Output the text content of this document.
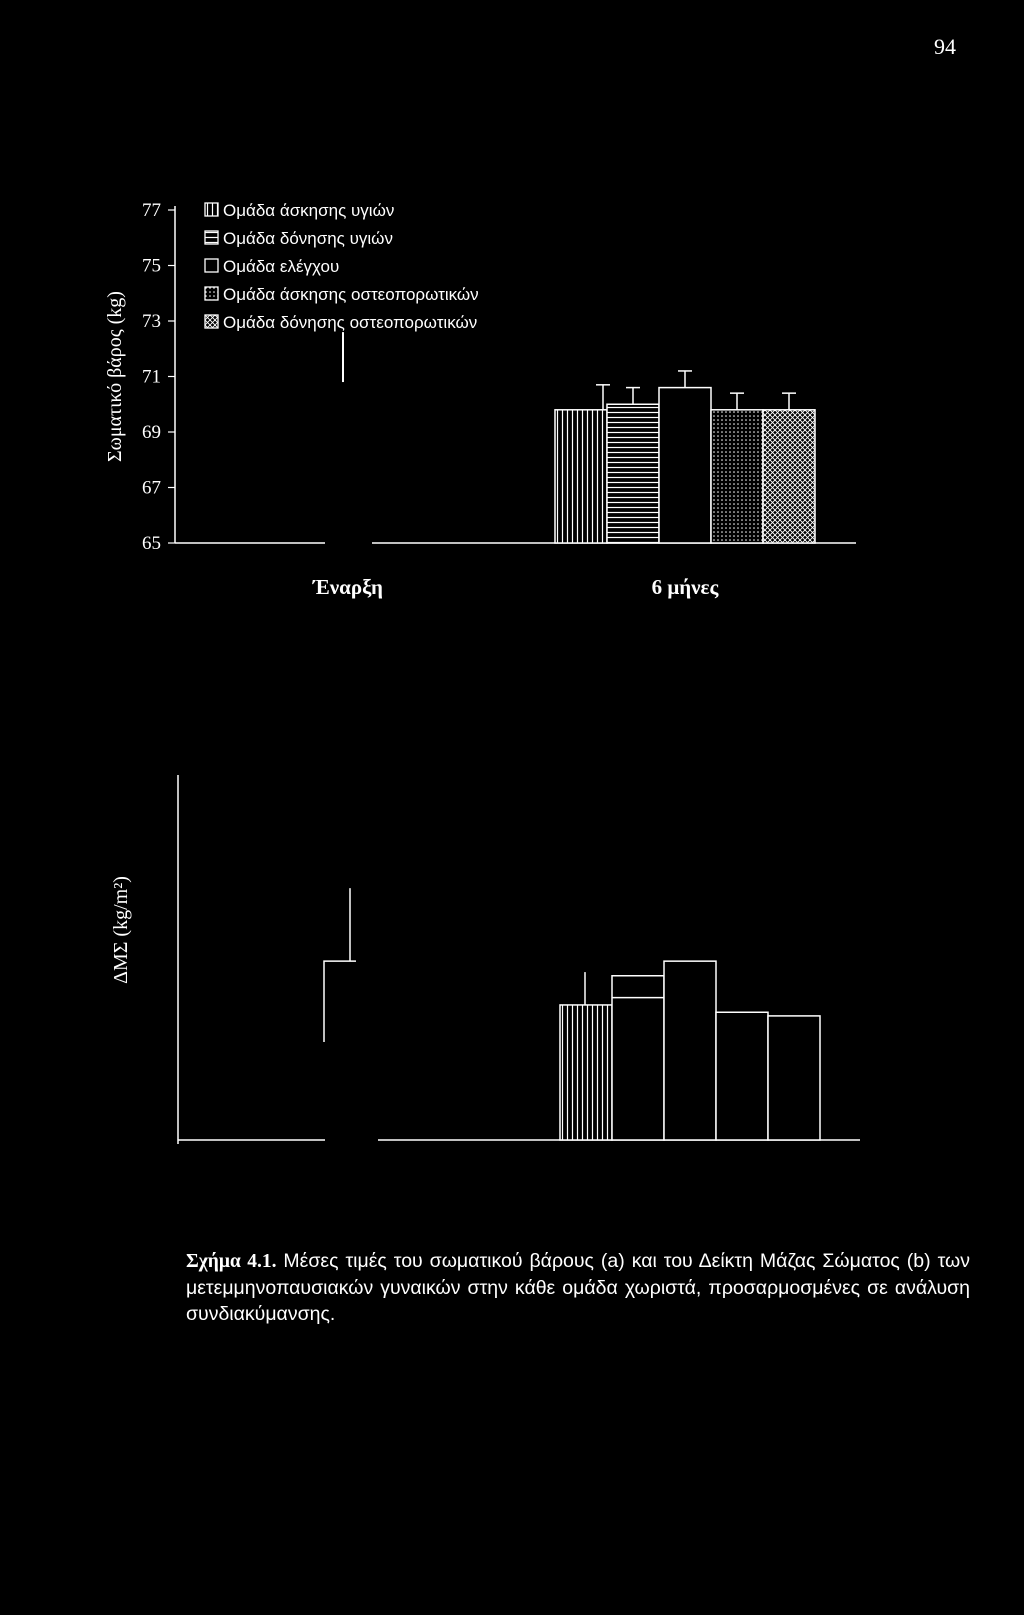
94
77
75
73
71
69
67
65
Σωματικό βάρος (kg)
Ομάδα άσκησης υγιών
Ομάδα δόνησης υγιών
Ομάδα ελέγχου
Ομάδα άσκησης οστεοπορωτικών
Ομάδα δόνησης οστεοπορωτικών
Έναρξη	6 μήνες
ΔΜΣ (kg/m²)
Σχήμα 4.1. Μέσες τιμές του σωματικού βάρους (a) και του Δείκτη Μάζας Σώματος (b) των μετεμμηνοπαυσιακών γυναικών στην κάθε ομάδα χωριστά, προσαρμοσμένες σε ανάλυση συνδιακύμανσης.
